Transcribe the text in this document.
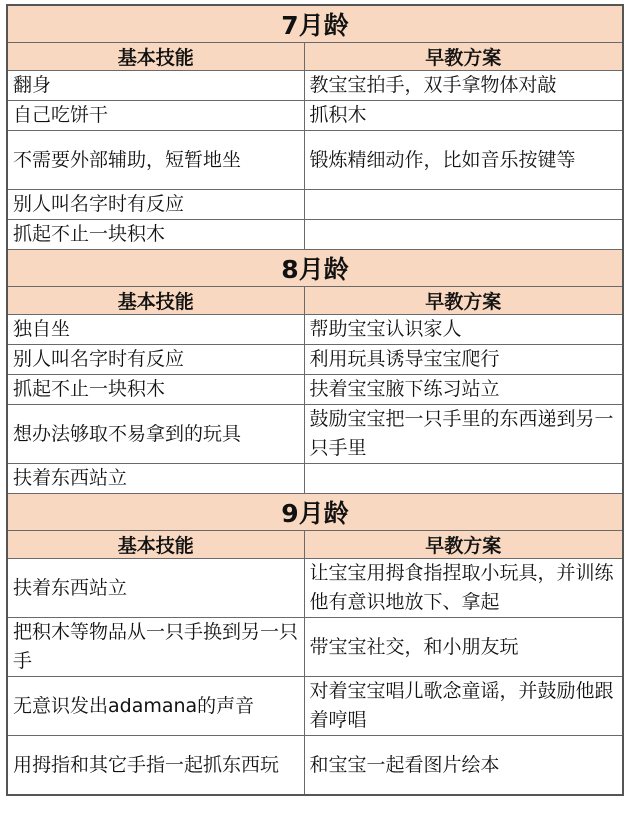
7月龄	
基本技能	早教方案
翻身	教宝宝拍手，双手拿物体对敲
自己吃饼干	抓积木
不需要外部辅助，短暂地坐	锻炼精细动作，比如音乐按键等
别人叫名字时有反应	
抓起不止一块积木	
8月龄	
基本技能	早教方案
独自坐	帮助宝宝认识家人
别人叫名字时有反应	利用玩具诱导宝宝爬行
抓起不止一块积木	扶着宝宝腋下练习站立
想办法够取不易拿到的玩具	鼓励宝宝把一只手里的东西递到另一只手里
扶着东西站立	
9月龄	
基本技能	早教方案
扶着东西站立	让宝宝用拇食指捏取小玩具，并训练他有意识地放下、拿起
把积木等物品从一只手换到另一只手	带宝宝社交，和小朋友玩
无意识发出adamana的声音	对着宝宝唱儿歌念童谣，并鼓励他跟着哼唱
用拇指和其它手指一起抓东西玩	和宝宝一起看图片绘本
